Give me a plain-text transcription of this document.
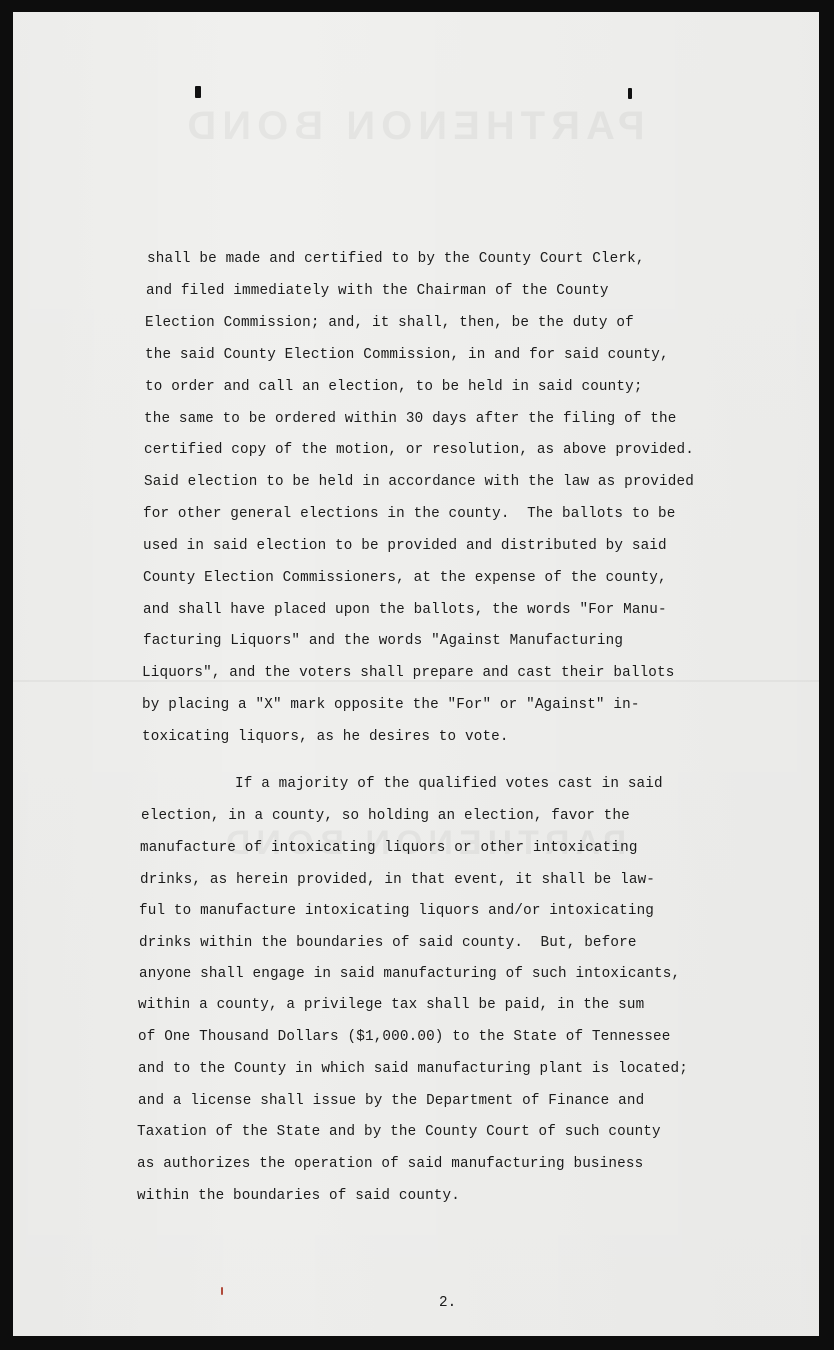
shall be made and certified to by the County Court Clerk,
and filed immediately with the Chairman of the County
Election Commission; and, it shall, then, be the duty of
the said County Election Commission, in and for said county,
to order and call an election, to be held in said county;
the same to be ordered within 30 days after the filing of the
certified copy of the motion, or resolution, as above provided.
Said election to be held in accordance with the law as provided
for other general elections in the county.  The ballots to be
used in said election to be provided and distributed by said
County Election Commissioners, at the expense of the county,
and shall have placed upon the ballots, the words "For Manu-
facturing Liquors" and the words "Against Manufacturing
Liquors", and the voters shall prepare and cast their ballots
by placing a "X" mark opposite the "For" or "Against" in-
toxicating liquors, as he desires to vote.
If a majority of the qualified votes cast in said
election, in a county, so holding an election, favor the
manufacture of intoxicating liquors or other intoxicating
drinks, as herein provided, in that event, it shall be law-
ful to manufacture intoxicating liquors and/or intoxicating
drinks within the boundaries of said county.  But, before
anyone shall engage in said manufacturing of such intoxicants,
within a county, a privilege tax shall be paid, in the sum
of One Thousand Dollars ($1,000.00) to the State of Tennessee
and to the County in which said manufacturing plant is located;
and a license shall issue by the Department of Finance and
Taxation of the State and by the County Court of such county
as authorizes the operation of said manufacturing business
within the boundaries of said county.
2.
